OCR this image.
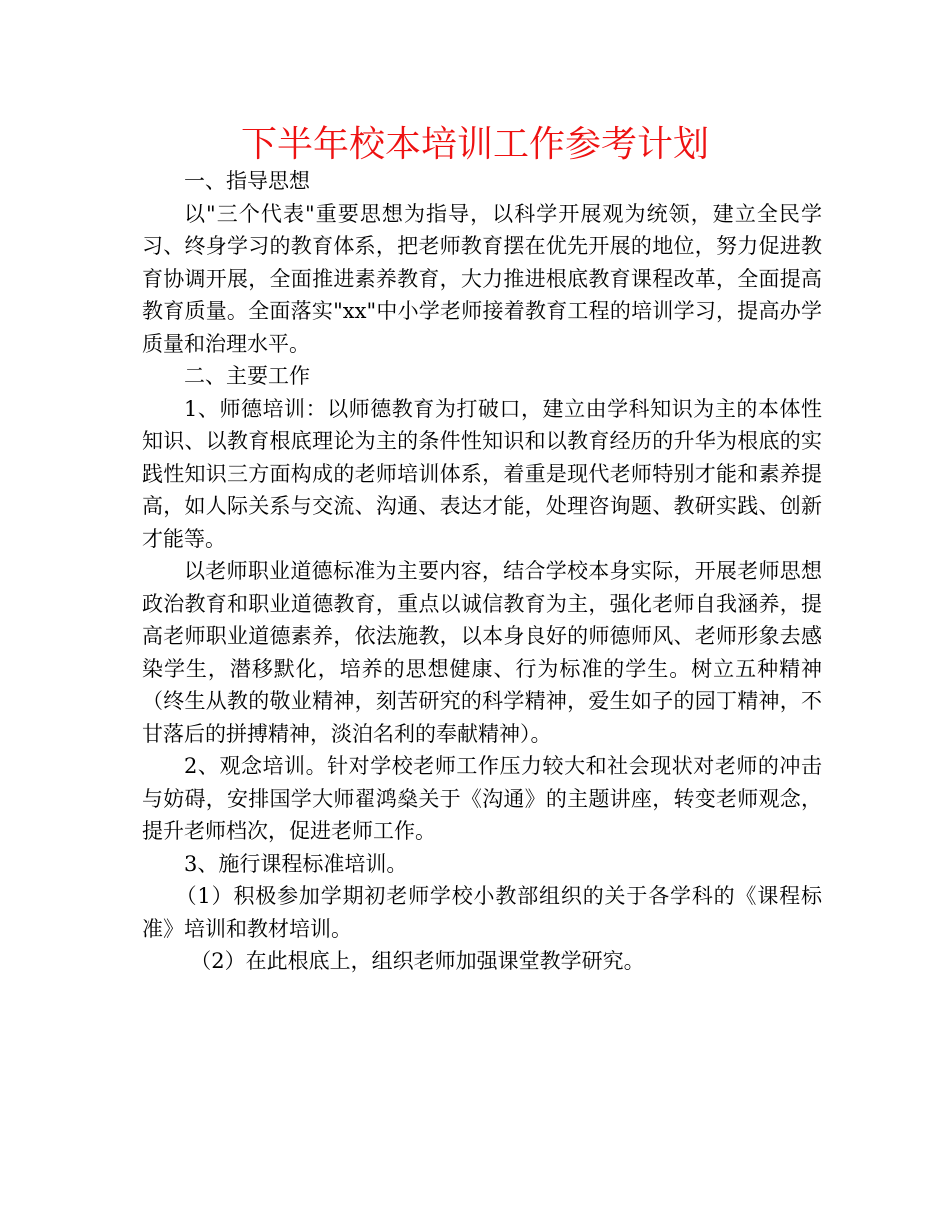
下半年校本培训工作参考计划

一、指导思想

以"三个代表"重要思想为指导，以科学开展观为统领，建立全民学习、终身学习的教育体系，把老师教育摆在优先开展的地位，努力促进教育协调开展，全面推进素养教育，大力推进根底教育课程改革，全面提高教育质量。全面落实"xx"中小学老师接着教育工程的培训学习，提高办学质量和治理水平。

二、主要工作

1、师德培训：以师德教育为打破口，建立由学科知识为主的本体性知识、以教育根底理论为主的条件性知识和以教育经历的升华为根底的实践性知识三方面构成的老师培训体系，着重是现代老师特别才能和素养提高，如人际关系与交流、沟通、表达才能，处理咨询题、教研实践、创新才能等。

以老师职业道德标准为主要内容，结合学校本身实际，开展老师思想政治教育和职业道德教育，重点以诚信教育为主，强化老师自我涵养，提高老师职业道德素养，依法施教，以本身良好的师德师风、老师形象去感染学生，潜移默化，培养的思想健康、行为标准的学生。树立五种精神（终生从教的敬业精神，刻苦研究的科学精神，爱生如子的园丁精神，不甘落后的拼搏精神，淡泊名利的奉献精神）。

2、观念培训。针对学校老师工作压力较大和社会现状对老师的冲击与妨碍，安排国学大师翟鸿燊关于《沟通》的主题讲座，转变老师观念，提升老师档次，促进老师工作。

3、施行课程标准培训。

（1）积极参加学期初老师学校小教部组织的关于各学科的《课程标准》培训和教材培训。

（2）在此根底上，组织老师加强课堂教学研究。
